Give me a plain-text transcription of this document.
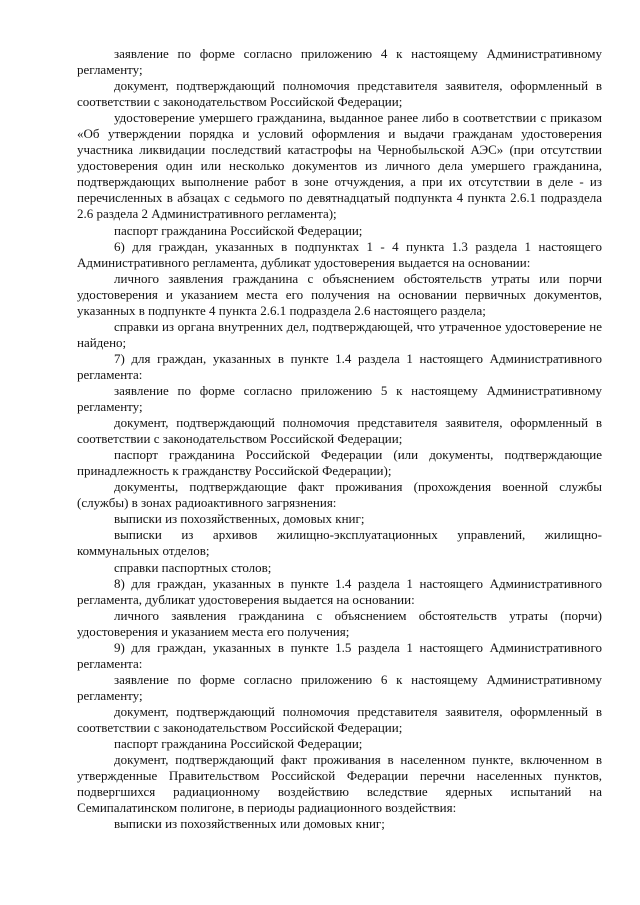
заявление по форме согласно приложению 4 к настоящему Административному регламенту;

документ, подтверждающий полномочия представителя заявителя, оформленный в соответствии с законодательством Российской Федерации;

удостоверение умершего гражданина, выданное ранее либо в соответствии с приказом «Об утверждении порядка и условий оформления и выдачи гражданам удостоверения участника ликвидации последствий катастрофы на Чернобыльской АЭС» (при отсутствии удостоверения один или несколько документов из личного дела умершего гражданина, подтверждающих выполнение работ в зоне отчуждения, а при их отсутствии в деле - из перечисленных в абзацах с седьмого по девятнадцатый подпункта 4 пункта 2.6.1 подраздела 2.6 раздела 2 Административного регламента);

паспорт гражданина Российской Федерации;

6) для граждан, указанных в подпунктах 1 - 4 пункта 1.3 раздела 1 настоящего Административного регламента, дубликат удостоверения выдается на основании:

личного заявления гражданина с объяснением обстоятельств утраты или порчи удостоверения и указанием места его получения на основании первичных документов, указанных в подпункте 4 пункта 2.6.1 подраздела 2.6 настоящего раздела;

справки из органа внутренних дел, подтверждающей, что утраченное удостоверение не найдено;

7) для граждан, указанных в пункте 1.4 раздела 1 настоящего Административного регламента:

заявление по форме согласно приложению 5 к настоящему Административному регламенту;

документ, подтверждающий полномочия представителя заявителя, оформленный в соответствии с законодательством Российской Федерации;

паспорт гражданина Российской Федерации (или документы, подтверждающие принадлежность к гражданству Российской Федерации);

документы, подтверждающие факт проживания (прохождения военной службы (службы) в зонах радиоактивного загрязнения:

выписки из похозяйственных, домовых книг;

выписки из архивов жилищно-эксплуатационных управлений, жилищно-коммунальных отделов;

справки паспортных столов;

8) для граждан, указанных в пункте 1.4 раздела 1 настоящего Административного регламента, дубликат удостоверения выдается на основании:

личного заявления гражданина с объяснением обстоятельств утраты (порчи) удостоверения и указанием места его получения;

9) для граждан, указанных в пункте 1.5 раздела 1 настоящего Административного регламента:

заявление по форме согласно приложению 6 к настоящему Административному регламенту;

документ, подтверждающий полномочия представителя заявителя, оформленный в соответствии с законодательством Российской Федерации;

паспорт гражданина Российской Федерации;

документ, подтверждающий факт проживания в населенном пункте, включенном в утвержденные Правительством Российской Федерации перечни населенных пунктов, подвергшихся радиационному воздействию вследствие ядерных испытаний на Семипалатинском полигоне, в периоды радиационного воздействия:

выписки из похозяйственных или домовых книг;
